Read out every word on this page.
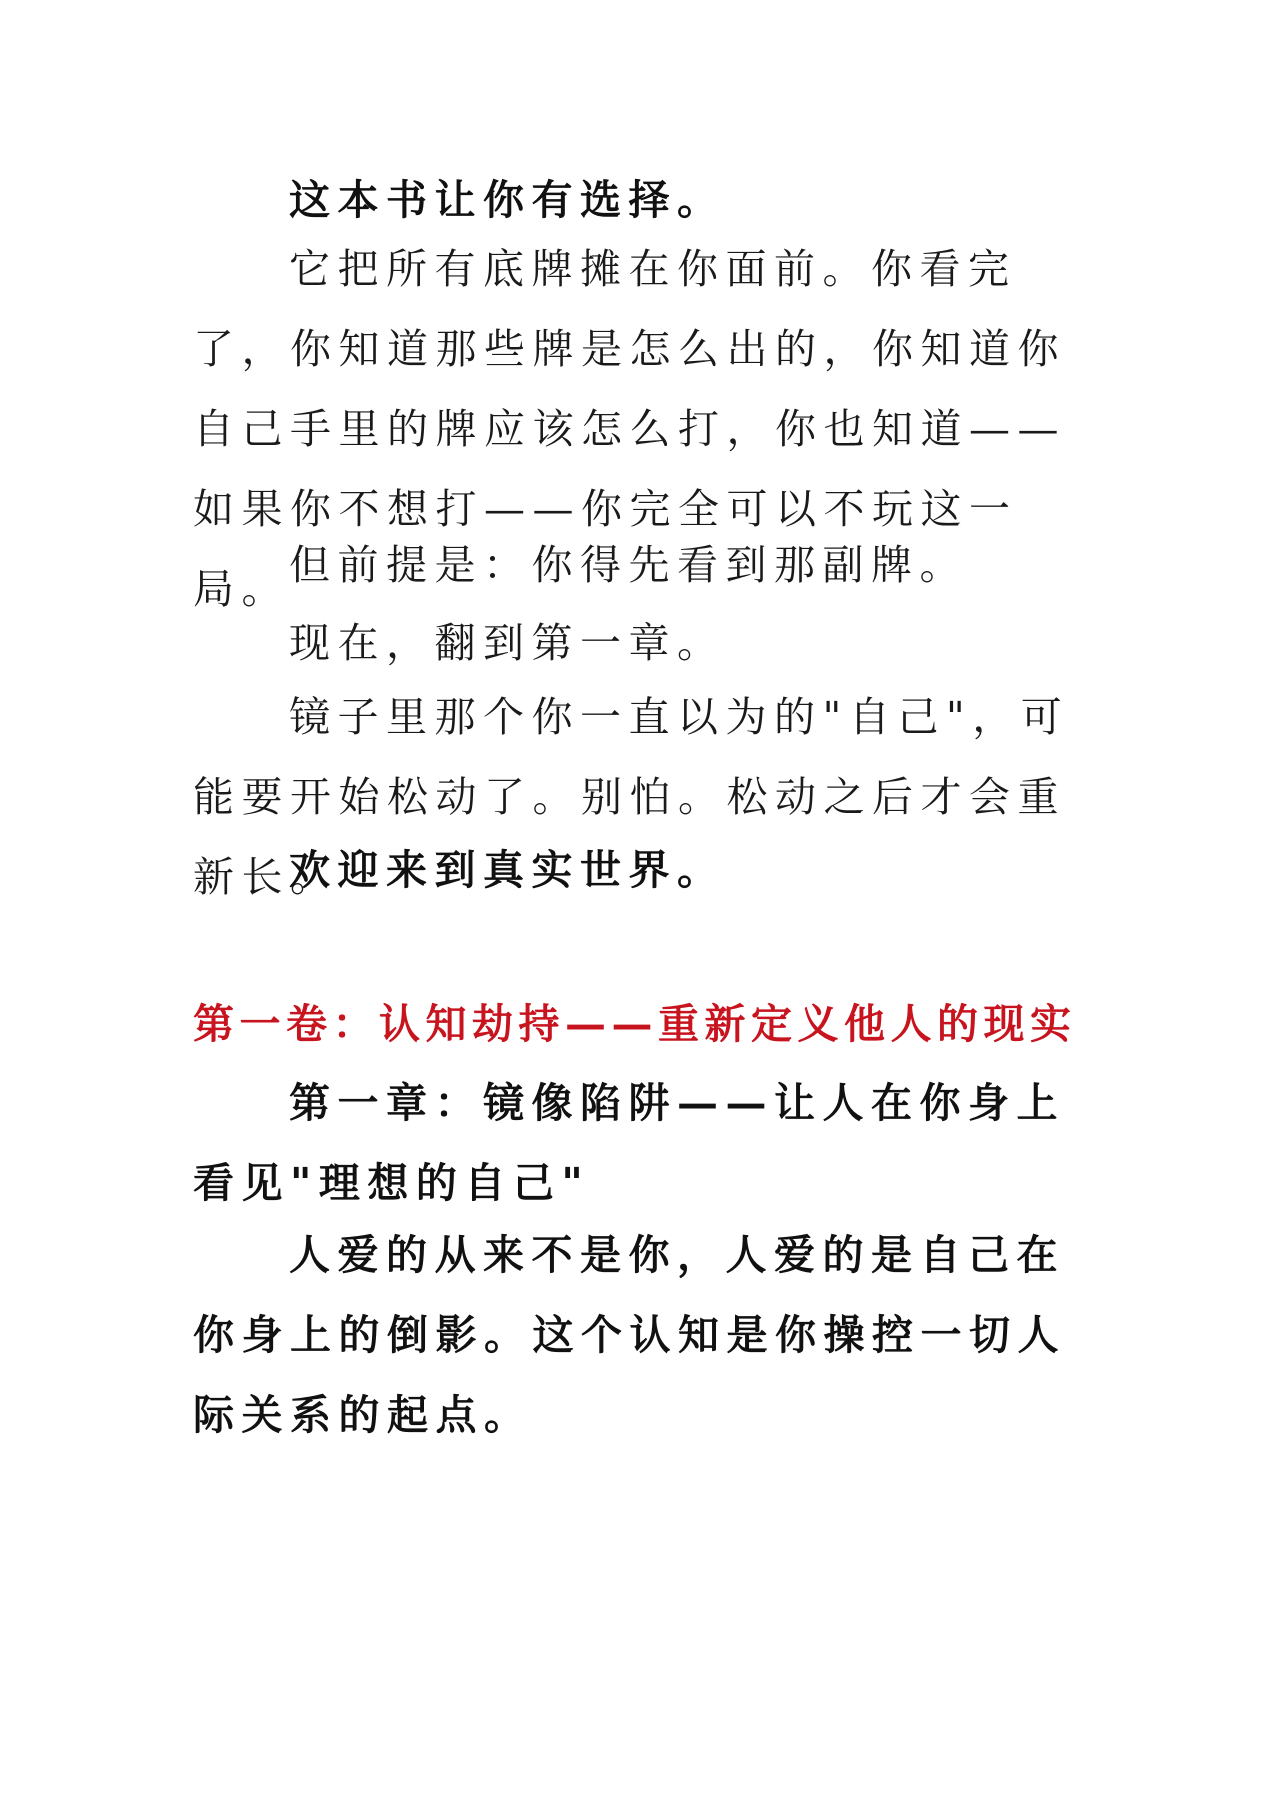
这本书让你有选择。

它把所有底牌摊在你面前。你看完了，你知道那些牌是怎么出的，你知道你自己手里的牌应该怎么打，你也知道——如果你不想打——你完全可以不玩这一局。 但前提是：你得先看到那副牌。

现在，翻到第一章。

镜子里那个你一直以为的"自己"，可能要开始松动了。别怕。松动之后才会重新长。

欢迎来到真实世界。

第一卷：认知劫持——重新定义他人的现实
第一章：镜像陷阱——让人在你身上看见"理想的自己"

人爱的从来不是你，人爱的是自己在你身上的倒影。这个认知是你操控一切人际关系的起点。
